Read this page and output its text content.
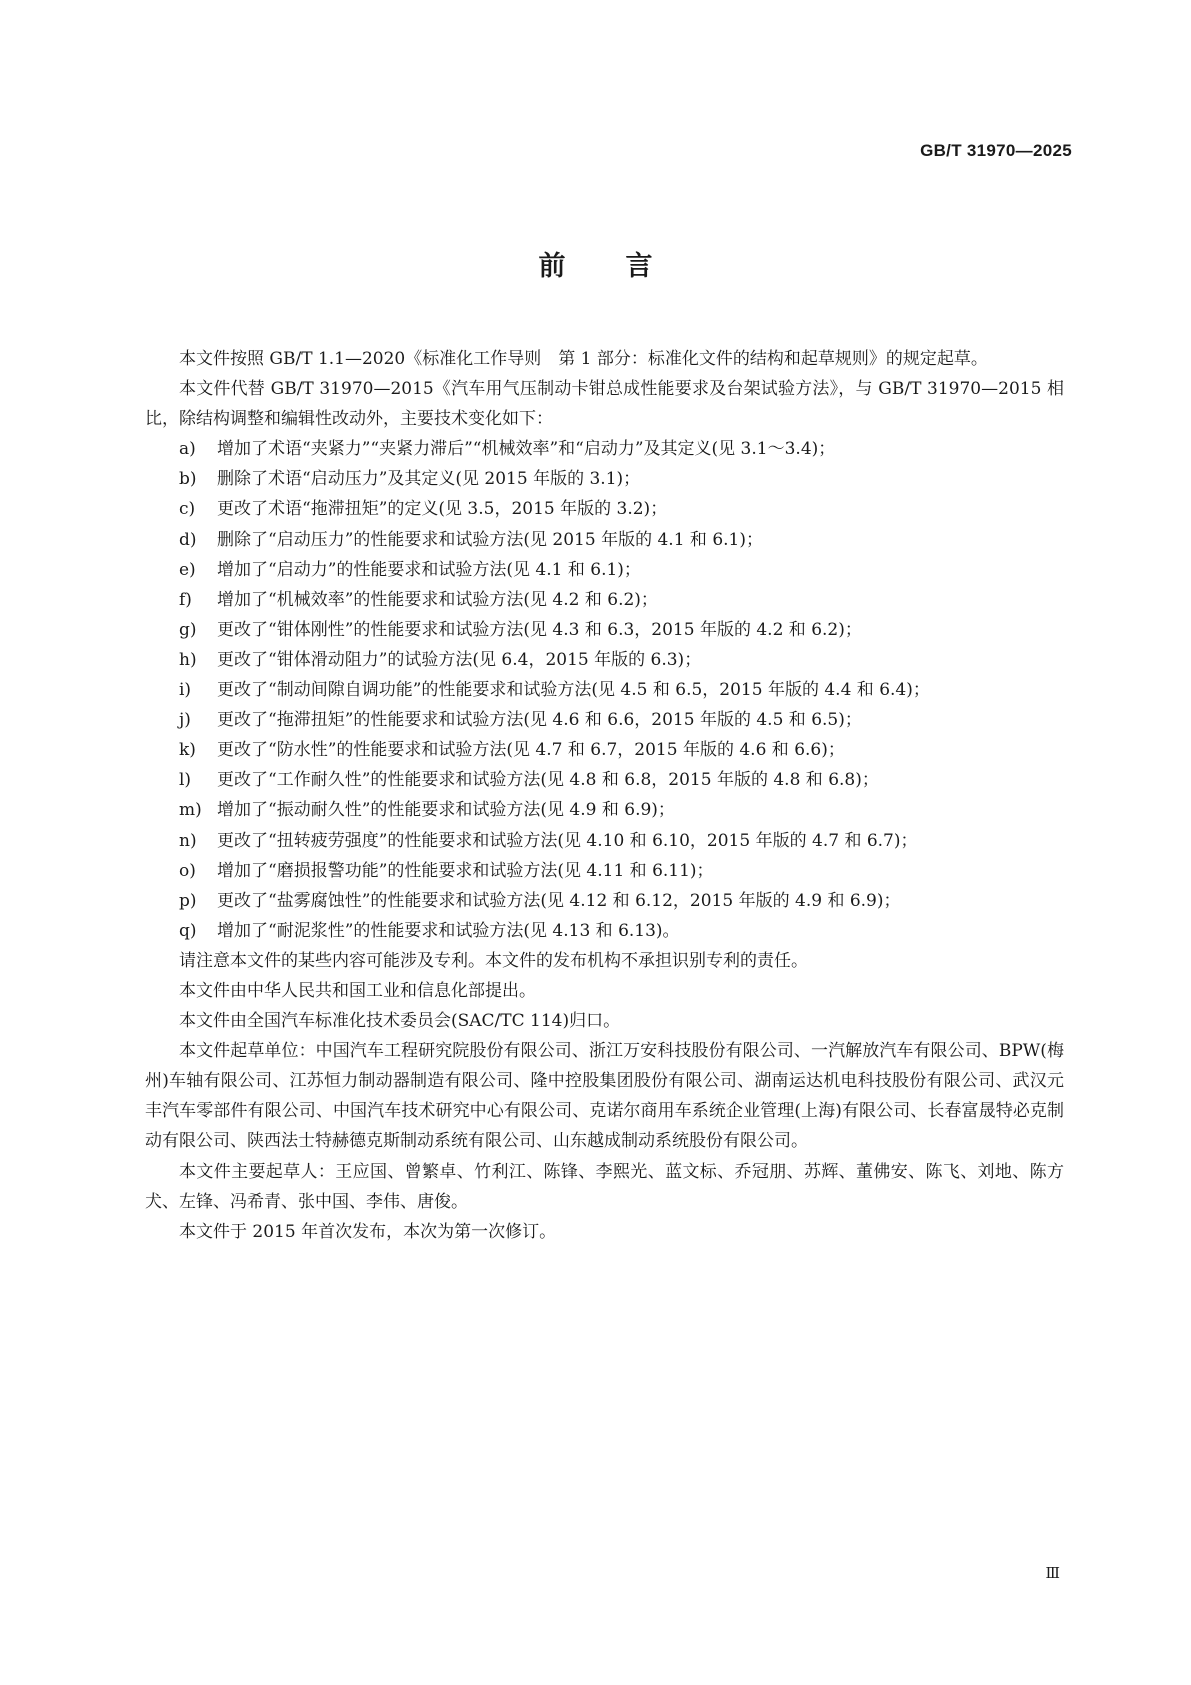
GB/T 31970—2025
前言

本文件按照 GB/T 1.1—2020《标准化工作导则　第 1 部分：标准化文件的结构和起草规则》的规定起草。

本文件代替 GB/T 31970—2015《汽车用气压制动卡钳总成性能要求及台架试验方法》，与 GB/T 31970—2015 相比，除结构调整和编辑性改动外，主要技术变化如下：

a) 增加了术语“夹紧力”“夹紧力滞后”“机械效率”和“启动力”及其定义(见 3.1～3.4)；

b) 删除了术语“启动压力”及其定义(见 2015 年版的 3.1)；

c) 更改了术语“拖滞扭矩”的定义(见 3.5，2015 年版的 3.2)；

d) 删除了“启动压力”的性能要求和试验方法(见 2015 年版的 4.1 和 6.1)；

e) 增加了“启动力”的性能要求和试验方法(见 4.1 和 6.1)；

f) 增加了“机械效率”的性能要求和试验方法(见 4.2 和 6.2)；

g) 更改了“钳体刚性”的性能要求和试验方法(见 4.3 和 6.3，2015 年版的 4.2 和 6.2)；

h) 更改了“钳体滑动阻力”的试验方法(见 6.4，2015 年版的 6.3)；

i) 更改了“制动间隙自调功能”的性能要求和试验方法(见 4.5 和 6.5，2015 年版的 4.4 和 6.4)；

j) 更改了“拖滞扭矩”的性能要求和试验方法(见 4.6 和 6.6，2015 年版的 4.5 和 6.5)；

k) 更改了“防水性”的性能要求和试验方法(见 4.7 和 6.7，2015 年版的 4.6 和 6.6)；

l) 更改了“工作耐久性”的性能要求和试验方法(见 4.8 和 6.8，2015 年版的 4.8 和 6.8)；

m) 增加了“振动耐久性”的性能要求和试验方法(见 4.9 和 6.9)；

n) 更改了“扭转疲劳强度”的性能要求和试验方法(见 4.10 和 6.10，2015 年版的 4.7 和 6.7)；

o) 增加了“磨损报警功能”的性能要求和试验方法(见 4.11 和 6.11)；

p) 更改了“盐雾腐蚀性”的性能要求和试验方法(见 4.12 和 6.12，2015 年版的 4.9 和 6.9)；

q) 增加了“耐泥浆性”的性能要求和试验方法(见 4.13 和 6.13)。

请注意本文件的某些内容可能涉及专利。本文件的发布机构不承担识别专利的责任。

本文件由中华人民共和国工业和信息化部提出。

本文件由全国汽车标准化技术委员会(SAC/TC 114)归口。

本文件起草单位：中国汽车工程研究院股份有限公司、浙江万安科技股份有限公司、一汽解放汽车有限公司、BPW(梅州)车轴有限公司、江苏恒力制动器制造有限公司、隆中控股集团股份有限公司、湖南运达机电科技股份有限公司、武汉元丰汽车零部件有限公司、中国汽车技术研究中心有限公司、克诺尔商用车系统企业管理(上海)有限公司、长春富晟特必克制动有限公司、陕西法士特赫德克斯制动系统有限公司、山东越成制动系统股份有限公司。

本文件主要起草人：王应国、曾繁卓、竹利江、陈锋、李熙光、蓝文标、乔冠朋、苏辉、董佛安、陈飞、刘地、陈方犬、左锋、冯希青、张中国、李伟、唐俊。

本文件于 2015 年首次发布，本次为第一次修订。

Ⅲ
